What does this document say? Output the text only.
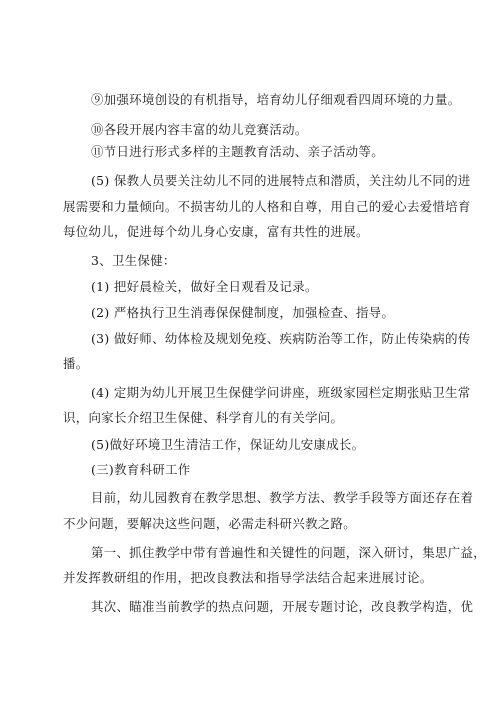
⑨加强环境创设的有机指导，培育幼儿仔细观看四周环境的力量。
⑩各段开展内容丰富的幼儿竞赛活动。
⑪节日进行形式多样的主题教育活动、亲子活动等。
(5) 保教人员要关注幼儿不同的进展特点和潜质，关注幼儿不同的进
展需要和力量倾向。不损害幼儿的人格和自尊，用自己的爱心去爱惜培育
每位幼儿，促进每个幼儿身心安康，富有共性的进展。
3、卫生保健：
(1) 把好晨检关，做好全日观看及记录。
(2) 严格执行卫生消毒保保健制度，加强检查、指导。
(3) 做好师、幼体检及规划免疫、疾病防治等工作，防止传染病的传
播。
(4) 定期为幼儿开展卫生保健学问讲座，班级家园栏定期张贴卫生常
识，向家长介绍卫生保健、科学育儿的有关学问。
(5)做好环境卫生清洁工作，保证幼儿安康成长。
(三)教育科研工作
目前，幼儿园教育在教学思想、教学方法、教学手段等方面还存在着
不少问题，要解决这些问题，必需走科研兴教之路。
第一、抓住教学中带有普遍性和关键性的问题，深入研讨，集思广益，
并发挥教研组的作用，把改良教法和指导学法结合起来进展讨论。
其次、瞄准当前教学的热点问题，开展专题讨论，改良教学构造，优
